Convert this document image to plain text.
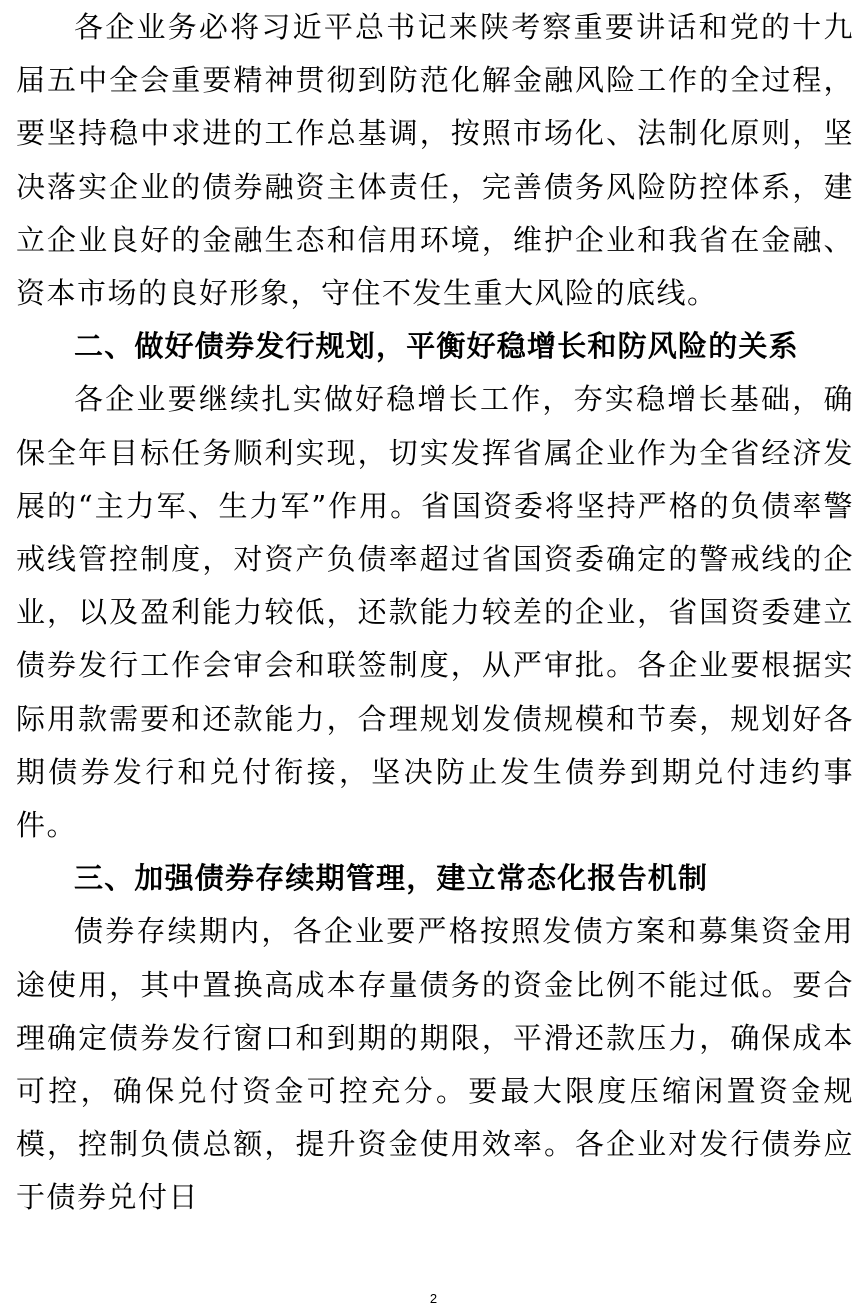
各企业务必将习近平总书记来陕考察重要讲话和党的十九届五中全会重要精神贯彻到防范化解金融风险工作的全过程，要坚持稳中求进的工作总基调，按照市场化、法制化原则，坚决落实企业的债券融资主体责任，完善债务风险防控体系，建立企业良好的金融生态和信用环境，维护企业和我省在金融、资本市场的良好形象，守住不发生重大风险的底线。

二、做好债券发行规划，平衡好稳增长和防风险的关系

各企业要继续扎实做好稳增长工作，夯实稳增长基础，确保全年目标任务顺利实现，切实发挥省属企业作为全省经济发展的“主力军、生力军”作用。省国资委将坚持严格的负债率警戒线管控制度，对资产负债率超过省国资委确定的警戒线的企业，以及盈利能力较低，还款能力较差的企业，省国资委建立债券发行工作会审会和联签制度，从严审批。各企业要根据实际用款需要和还款能力，合理规划发债规模和节奏，规划好各期债券发行和兑付衔接，坚决防止发生债券到期兑付违约事件。

三、加强债券存续期管理，建立常态化报告机制

债券存续期内，各企业要严格按照发债方案和募集资金用途使用，其中置换高成本存量债务的资金比例不能过低。要合理确定债券发行窗口和到期的期限，平滑还款压力，确保成本可控，确保兑付资金可控充分。要最大限度压缩闲置资金规模，控制负债总额，提升资金使用效率。各企业对发行债券应于债券兑付日

2
